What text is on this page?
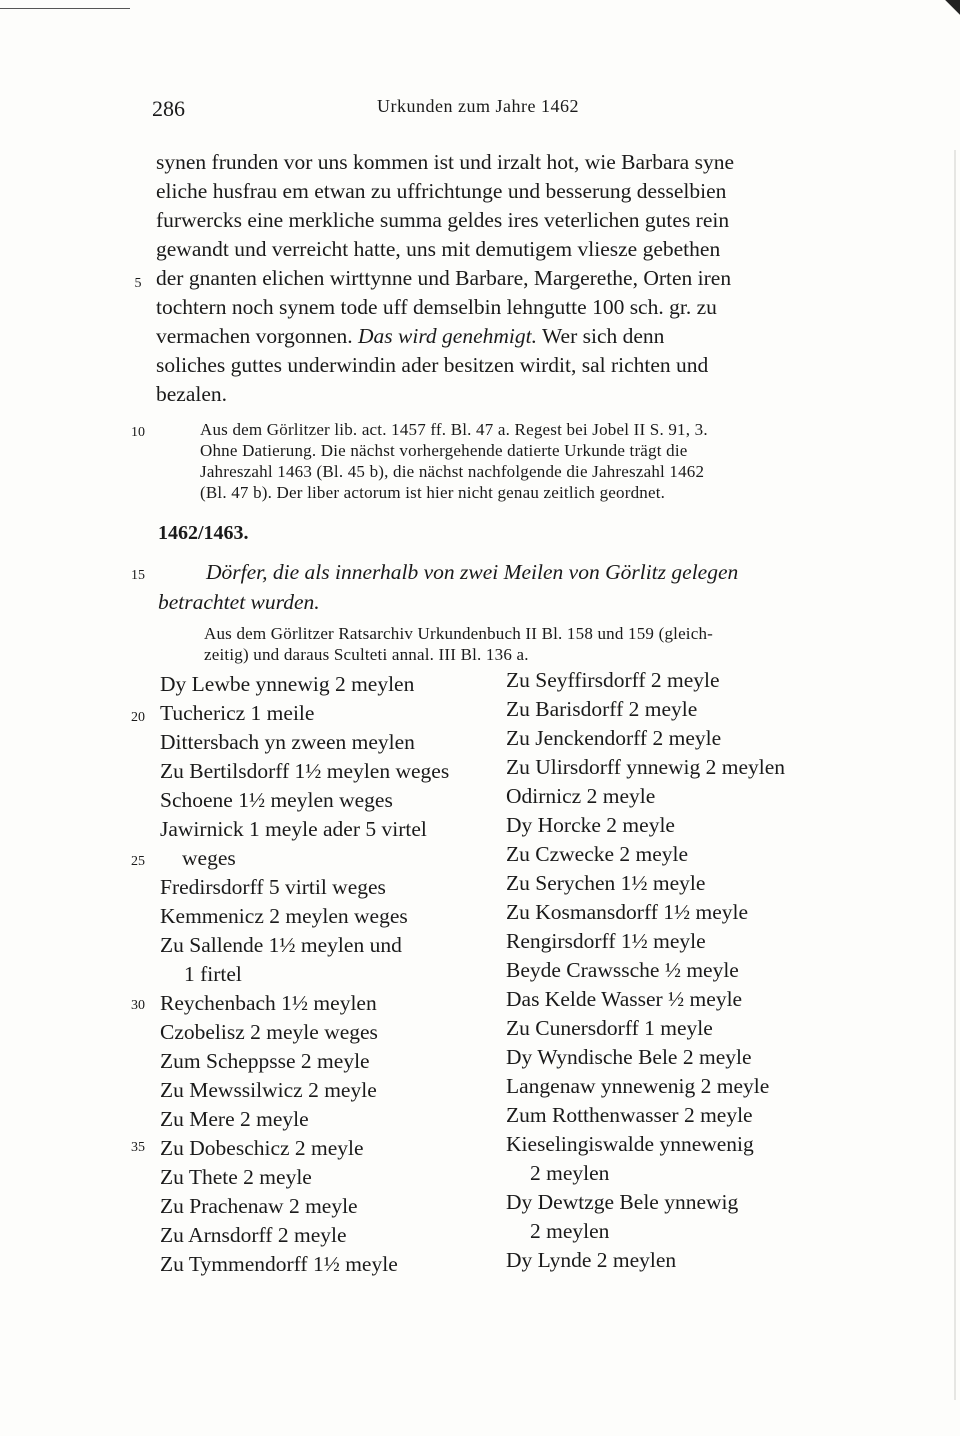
286	Urkunden zum Jahre 1462
synen frunden vor uns kommen ist und irzalt hot, wie Barbara syne
eliche husfrau em etwan zu uffrichtunge und besserung desselbien
furwercks eine merkliche summa geldes ires veterlichen gutes rein
gewandt und verreicht hatte, uns mit demutigem vliesze gebethen
der gnanten elichen wirttynne und Barbare, Margerethe, Orten iren
tochtern noch synem tode uff demselbin lehngutte 100 sch. gr. zu
vermachen vorgonnen. Das wird genehmigt. Wer sich denn
soliches guttes underwindin ader besitzen wirdit, sal richten und
bezalen.
Aus dem Görlitzer lib. act. 1457 ff. Bl. 47 a. Regest bei Jobel II S. 91, 3.
Ohne Datierung. Die nächst vorhergehende datierte Urkunde trägt die
Jahreszahl 1463 (Bl. 45 b), die nächst nachfolgende die Jahreszahl 1462
(Bl. 47 b). Der liber actorum ist hier nicht genau zeitlich geordnet.
1462/1463.
Dörfer, die als innerhalb von zwei Meilen von Görlitz gelegen
betrachtet wurden.
Aus dem Görlitzer Ratsarchiv Urkundenbuch II Bl. 158 und 159 (gleich-
zeitig) und daraus Sculteti annal. III Bl. 136 a.
5
10
15
20
25
30
35
Dy Lewbe ynnewig 2 meylen
Tuchericz 1 meile
Dittersbach yn zween meylen
Zu Bertilsdorff 1½ meylen weges
Schoene 1½ meylen weges
Jawirnick 1 meyle ader 5 virtel
weges
Fredirsdorff 5 virtil weges
Kemmenicz 2 meylen weges
Zu Sallende 1½ meylen und
1 firtel
Reychenbach 1½ meylen
Czobelisz 2 meyle weges
Zum Scheppsse 2 meyle
Zu Mewssilwicz 2 meyle
Zu Mere 2 meyle
Zu Dobeschicz 2 meyle
Zu Thete 2 meyle
Zu Prachenaw 2 meyle
Zu Arnsdorff 2 meyle
Zu Tymmendorff 1½ meyle
Zu Seyffirsdorff 2 meyle
Zu Barisdorff 2 meyle
Zu Jenckendorff 2 meyle
Zu Ulirsdorff ynnewig 2 meylen
Odirnicz 2 meyle
Dy Horcke 2 meyle
Zu Czwecke 2 meyle
Zu Serychen 1½ meyle
Zu Kosmansdorff 1½ meyle
Rengirsdorff 1½ meyle
Beyde Crawssche ½ meyle
Das Kelde Wasser ½ meyle
Zu Cunersdorff 1 meyle
Dy Wyndische Bele 2 meyle
Langenaw ynnewenig 2 meyle
Zum Rotthenwasser 2 meyle
Kieselingiswalde ynnewenig
2 meylen
Dy Dewtzge Bele ynnewig
2 meylen
Dy Lynde 2 meylen
